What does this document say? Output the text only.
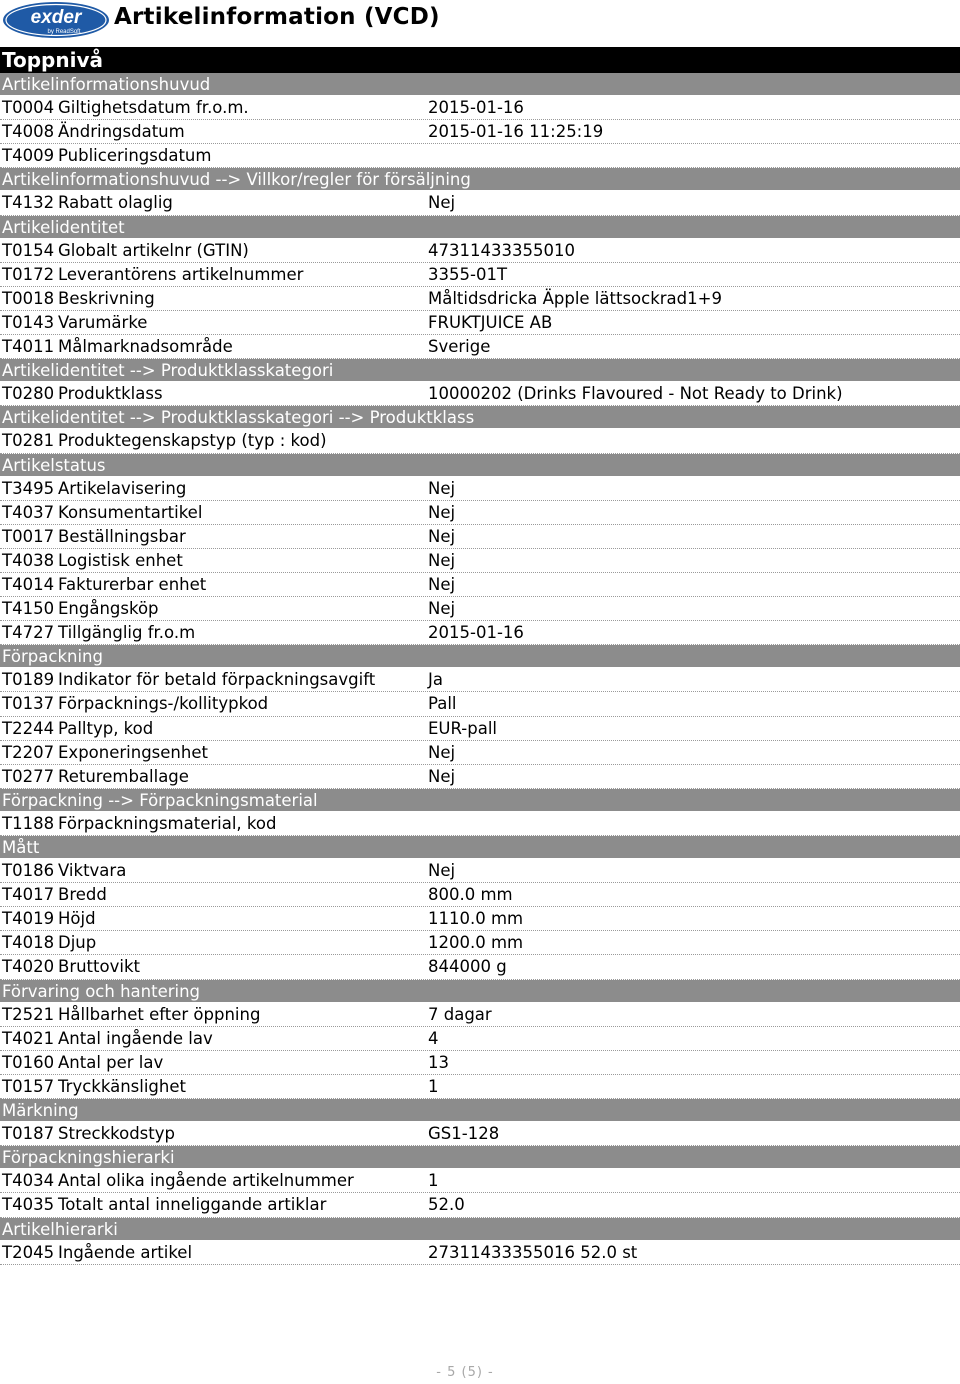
exder
by ReadSoft
Artikelinformation (VCD)
Toppnivå
Artikelinformationshuvud
T0004 Giltighetsdatum fr.o.m.	2015-01-16
T4008 Ändringsdatum	2015-01-16 11:25:19
T4009 Publiceringsdatum
Artikelinformationshuvud --> Villkor/regler för försäljning
T4132 Rabatt olaglig	Nej
Artikelidentitet
T0154 Globalt artikelnr (GTIN)	47311433355010
T0172 Leverantörens artikelnummer	3355-01T
T0018 Beskrivning	Måltidsdricka Äpple lättsockrad1+9
T0143 Varumärke	FRUKTJUICE AB
T4011 Målmarknadsområde	Sverige
Artikelidentitet --> Produktklasskategori
T0280 Produktklass	10000202 (Drinks Flavoured - Not Ready to Drink)
Artikelidentitet --> Produktklasskategori --> Produktklass
T0281 Produktegenskapstyp (typ : kod)
Artikelstatus
T3495 Artikelavisering	Nej
T4037 Konsumentartikel	Nej
T0017 Beställningsbar	Nej
T4038 Logistisk enhet	Nej
T4014 Fakturerbar enhet	Nej
T4150 Engångsköp	Nej
T4727 Tillgänglig fr.o.m	2015-01-16
Förpackning
T0189 Indikator för betald förpackningsavgift	Ja
T0137 Förpacknings-/kollitypkod	Pall
T2244 Palltyp, kod	EUR-pall
T2207 Exponeringsenhet	Nej
T0277 Returemballage	Nej
Förpackning --> Förpackningsmaterial
T1188 Förpackningsmaterial, kod
Mått
T0186 Viktvara	Nej
T4017 Bredd	800.0 mm
T4019 Höjd	1110.0 mm
T4018 Djup	1200.0 mm
T4020 Bruttovikt	844000 g
Förvaring och hantering
T2521 Hållbarhet efter öppning	7 dagar
T4021 Antal ingående lav	4
T0160 Antal per lav	13
T0157 Tryckkänslighet	1
Märkning
T0187 Streckkodstyp	GS1-128
Förpackningshierarki
T4034 Antal olika ingående artikelnummer	1
T4035 Totalt antal inneliggande artiklar	52.0
Artikelhierarki
T2045 Ingående artikel	27311433355016 52.0 st
- 5 (5) -
